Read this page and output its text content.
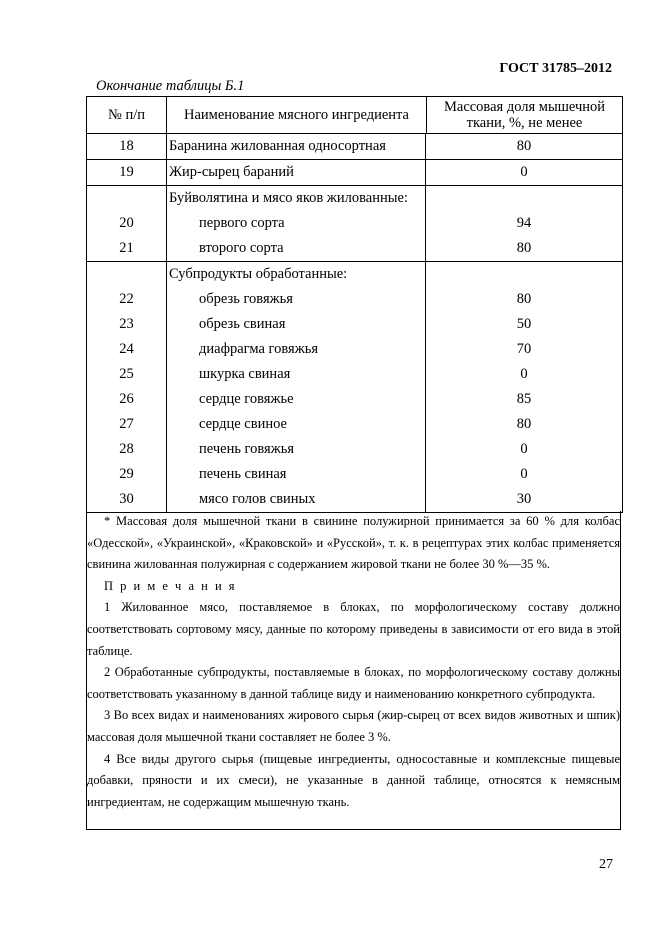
ГОСТ 31785–2012
Окончание таблицы Б.1
№ п/п	Наименование мясного ингредиента	Массовая доля мышечной ткани, %, не менее
18	Баранина жилованная односортная	80
19	Жир-сырец бараний	0
Буйволятина и мясо яков жилованные:
20	первого сорта	94
21	второго сорта	80
Субпродукты обработанные:
22	обрезь говяжья	80
23	обрезь свиная	50
24	диафрагма говяжья	70
25	шкурка свиная	0
26	сердце говяжье	85
27	сердце свиное	80
28	печень говяжья	0
29	печень свиная	0
30	мясо голов свиных	30

* Массовая доля мышечной ткани в свинине полужирной принимается за 60 % для колбас «Одесской», «Украинской», «Краковской» и «Русской», т. к. в рецептурах этих колбас применяется свинина жилованная полужирная с содержанием жировой ткани не более 30 %—35 %.

П р и м е ч а н и я

1 Жилованное мясо, поставляемое в блоках, по морфологическому составу должно соответствовать сортовому мясу, данные по которому приведены в зависимости от его вида в этой таблице.

2 Обработанные субпродукты, поставляемые в блоках, по морфологическому составу должны соответствовать указанному в данной таблице виду и наименованию конкретного субпродукта.

3 Во всех видах и наименованиях жирового сырья (жир-сырец от всех видов животных и шпик) массовая доля мышечной ткани составляет не более 3 %.

4 Все виды другого сырья (пищевые ингредиенты, односоставные и комплексные пищевые добавки, пряности и их смеси), не указанные в данной таблице, относятся к немясным ингредиентам, не содержащим мышечную ткань.

27
